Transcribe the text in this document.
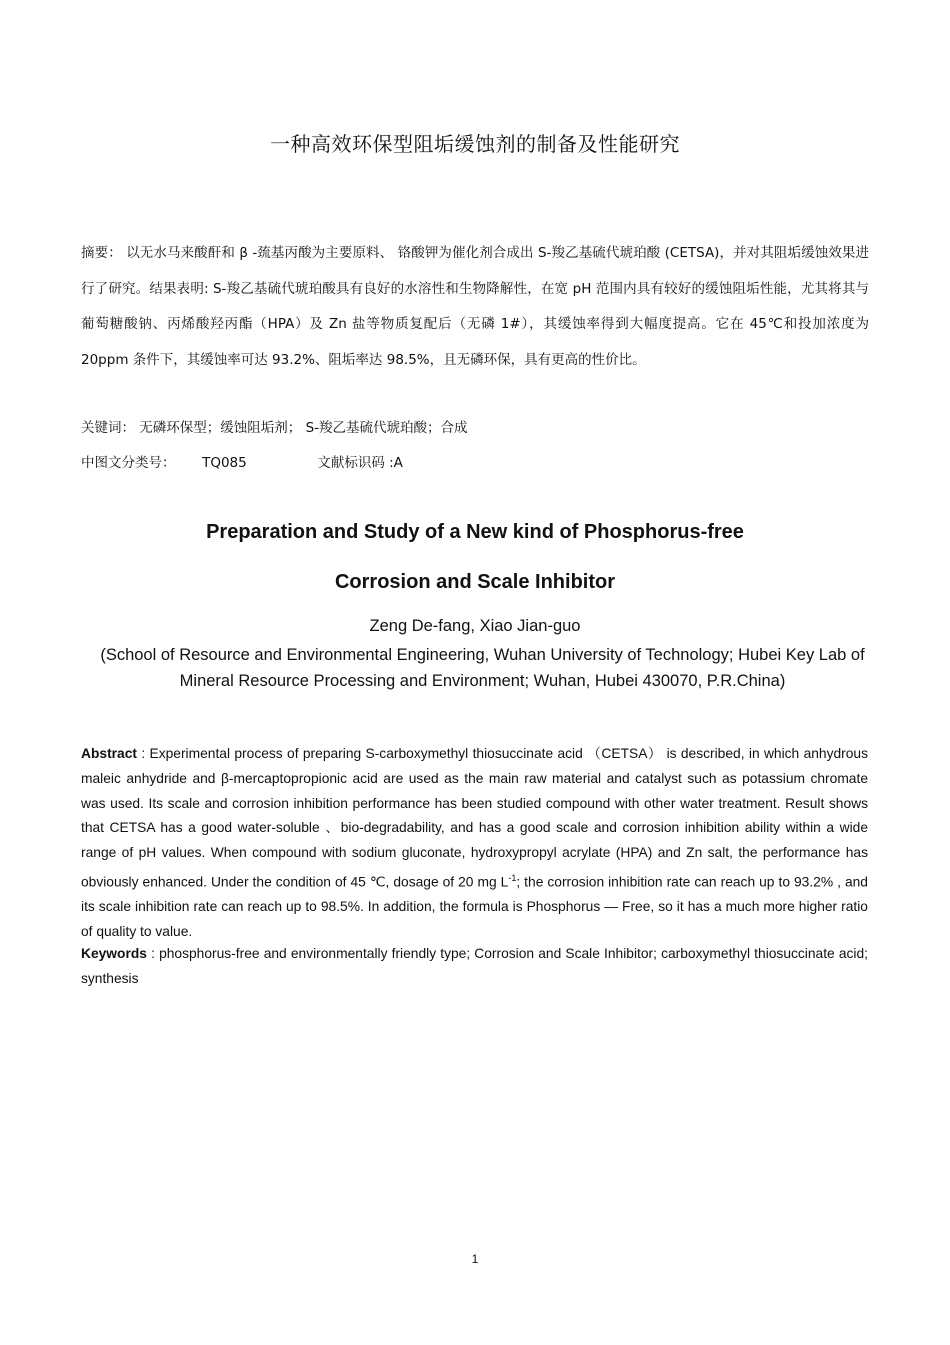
一种高效环保型阻垢缓蚀剂的制备及性能研究
摘要： 以无水马来酸酐和 β -巯基丙酸为主要原料、 铬酸钾为催化剂合成出 S-羧乙基硫代琥珀酸 (CETSA)，并对其阻垢缓蚀效果进行了研究。结果表明: S-羧乙基硫代琥珀酸具有良好的水溶性和生物降解性，在宽 pH 范围内具有较好的缓蚀阻垢性能，尤其将其与葡萄糖酸钠、丙烯酸羟丙酯（HPA）及 Zn 盐等物质复配后（无磷 1#），其缓蚀率得到大幅度提高。它在 45℃和投加浓度为 20ppm 条件下，其缓蚀率可达 93.2%、阻垢率达 98.5%，且无磷环保，具有更高的性价比。
关键词： 无磷环保型；缓蚀阻垢剂； S-羧乙基硫代琥珀酸；合成
中图文分类号： TQ085	文献标识码 :A
Preparation and Study of a New kind of Phosphorus-free
Corrosion and Scale Inhibitor
Zeng De-fang, Xiao Jian-guo
(School of Resource and Environmental Engineering, Wuhan University of Technology; Hubei Key Lab of Mineral Resource Processing and Environment; Wuhan, Hubei 430070, P.R.China)
Abstract : Experimental process of preparing S-carboxymethyl thiosuccinate acid （CETSA） is described, in which anhydrous maleic anhydride and β-mercaptopropionic acid are used as the main raw material and catalyst such as potassium chromate was used. Its scale and corrosion inhibition performance has been studied compound with other water treatment. Result shows that CETSA has a good water-soluble 、bio-degradability, and has a good scale and corrosion inhibition ability within a wide range of pH values. When compound with sodium gluconate, hydroxypropyl acrylate (HPA) and Zn salt, the performance has obviously enhanced. Under the condition of 45 ℃, dosage of 20 mg $L^{-1}$; the corrosion inhibition rate can reach up to 93.2% , and its scale inhibition rate can reach up to 98.5%. In addition, the formula is Phosphorus — Free, so it has a much more higher ratio of quality to value.
Keywords : phosphorus-free and environmentally friendly type; Corrosion and Scale Inhibitor; carboxymethyl thiosuccinate acid; synthesis
1
